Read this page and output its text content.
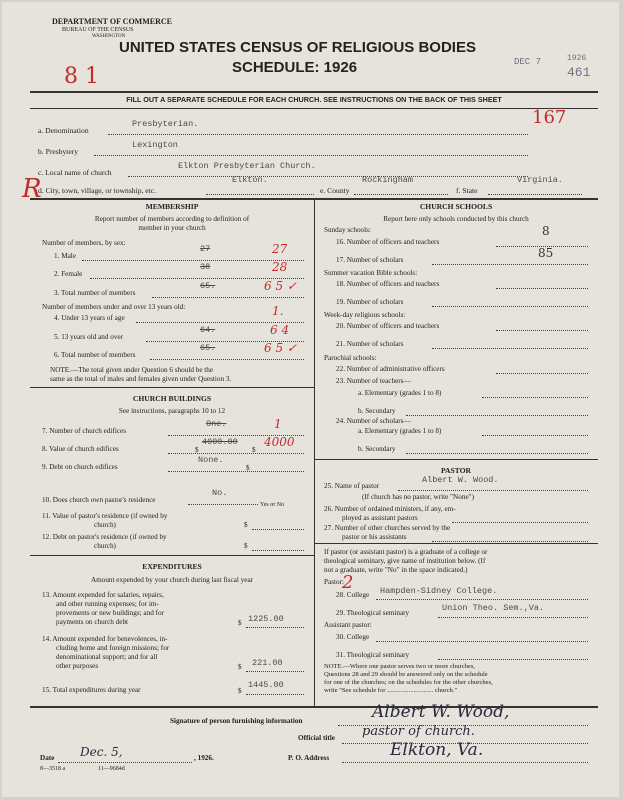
DEPARTMENT OF COMMERCE
BUREAU OF THE CENSUS
WASHINGTON
UNITED STATES CENSUS OF RELIGIOUS BODIES
SCHEDULE: 1926	DEC 7	1926
461
8 1
167
R
FILL OUT A SEPARATE SCHEDULE FOR EACH CHURCH. SEE INSTRUCTIONS ON THE BACK OF THIS SHEET
a. Denomination
Presbyterian.
b. Presbytery
Lexington
c. Local name of church
Elkton Presbyterian Church.
d. City, town, village, or township, etc.
Elkton.
e. County
Rockingham
f. State
Virginia.
MEMBERSHIP
Report number of members according to definition of
member in your church
Number of members, by sex:
1. Male
27	27
2. Female
38	28
3. Total number of members
65.	6 5 ✓
Number of members under and over 13 years old:
4. Under 13 years of age	1.
5. 13 years old and over
64.	6 4
6. Total number of members
65.	6 5 ✓
NOTE.—The total given under Question 6 should be the
same as the total of males and females given under Question 3.
CHURCH BUILDINGS
See instructions, paragraphs 10 to 12
7. Number of church edifices
One.	1
8. Value of church edifices	$
4000.00
$
4000
9. Debt on church edifices	$
None.
10. Does church own pastor's residence
No.
Yes or No
11. Value of pastor's residence (if owned by
church)	$
12. Debt on pastor's residence (if owned by
church)	$
EXPENDITURES
Amount expended by your church during last fiscal year
13. Amount expended for salaries, repairs,
and other running expenses; for im-
provements or new buildings; and for
payments on church debt	$ 1225.00
14. Amount expended for benevolences, in-
cluding home and foreign missions; for
denominational support; and for all
other purposes	$ 221.00
15. Total expenditures during year	$
1445.00
CHURCH SCHOOLS
Report here only schools conducted by this church
Sunday schools:
16. Number of officers and teachers
8
17. Number of scholars	85
Summer vacation Bible schools:
18. Number of officers and teachers
19. Number of scholars
Week-day religious schools:
20. Number of officers and teachers
21. Number of scholars
Parochial schools:
22. Number of administrative officers
23. Number of teachers—
a. Elementary (grades 1 to 8)
b. Secondary
24. Number of scholars—
a. Elementary (grades 1 to 8)
b. Secondary
PASTOR
25. Name of pastor
Albert W. Wood.
(If church has no pastor, write "None")
26. Number of ordained ministers, if any, em-
ployed as assistant pastors
27. Number of other churches served by the
pastor or his assistants
If pastor (or assistant pastor) is a graduate of a college or
theological seminary, give name of institution below. (If
not a graduate, write "No" in the space indicated.)
Pastor:
2
28. College Hampden-Sidney College.
29. Theological seminary	Union Theo. Sem.,Va.
Assistant pastor:
30. College
31. Theological seminary
NOTE.—Where one pastor serves two or more churches,
Questions 28 and 29 should be answered only on the schedule
for one of the churches; on the schedules for the other churches,
write "See schedule for ............................ church."
Signature of person furnishing information	Albert W. Wood,
Official title pastor of church.
Date Dec. 5,	, 1926.	P. O. Address	Elkton, Va.
8—3518 a	11—9684d
